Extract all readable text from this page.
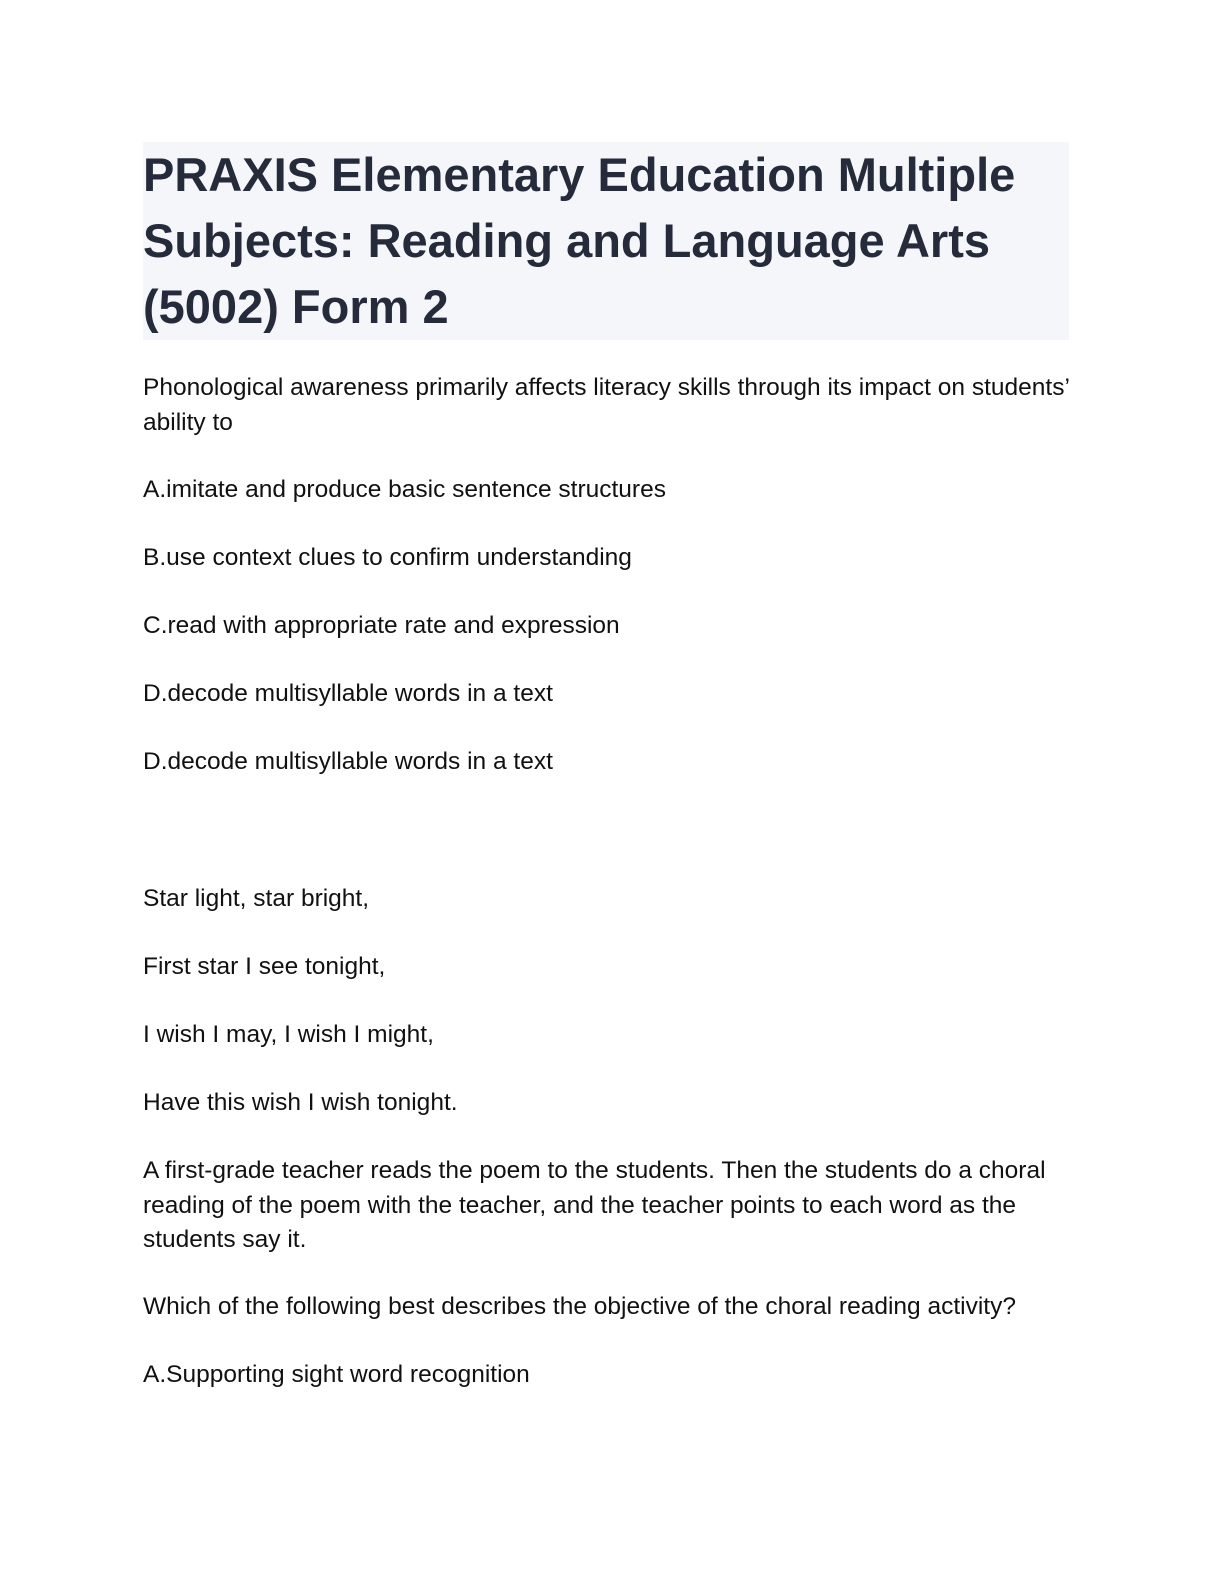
PRAXIS Elementary Education Multiple Subjects: Reading and Language Arts (5002) Form 2

Phonological awareness primarily affects literacy skills through its impact on students’ ability to

A.imitate and produce basic sentence structures

B.use context clues to confirm understanding

C.read with appropriate rate and expression

D.decode multisyllable words in a text

D.decode multisyllable words in a text

Star light, star bright,

First star I see tonight,

I wish I may, I wish I might,

Have this wish I wish tonight.

A first-grade teacher reads the poem to the students. Then the students do a choral reading of the poem with the teacher, and the teacher points to each word as the students say it.

Which of the following best describes the objective of the choral reading activity?

A.Supporting sight word recognition
